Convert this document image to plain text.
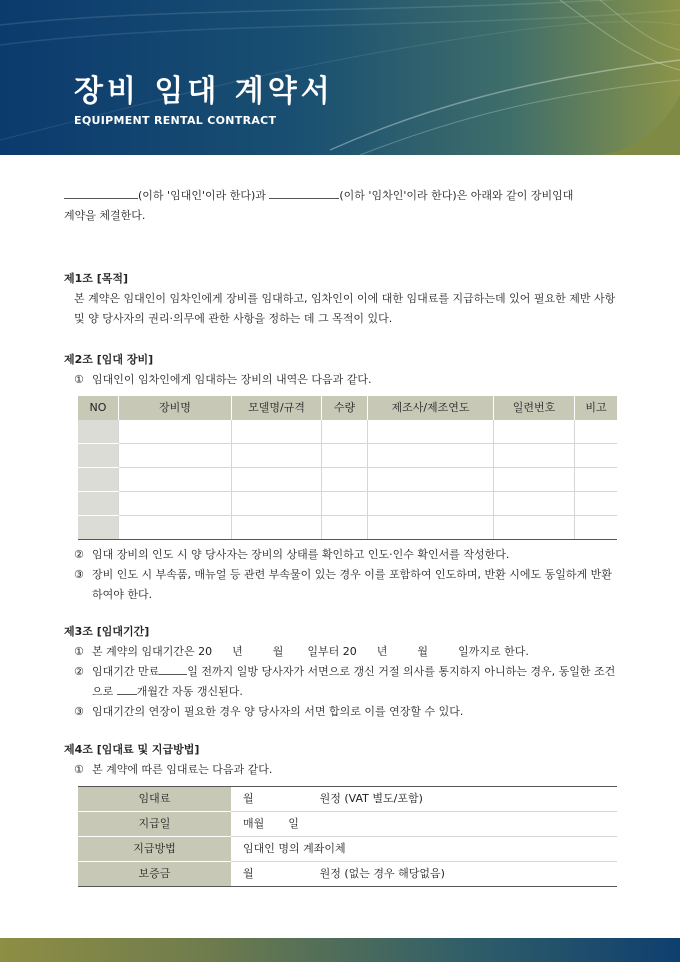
장비 임대 계약서
EQUIPMENT RENTAL CONTRACT

(이하 '임대인'이라 한다)과	(이하 '임차인'이라 한다)은 아래와 같이 장비임대
계약을 체결한다.

제1조 [목적]

본 계약은 임대인이 임차인에게 장비를 임대하고, 임차인이 이에 대한 임대료를 지급하는데 있어 필요한 제반 사항 및 양 당사자의 권리·의무에 관한 사항을 정하는 데 그 목적이 있다.

제2조 [임대 장비]

① 임대인이 임차인에게 임대하는 장비의 내역은 다음과 같다.
NO	장비명	모델명/규격	수량	제조사/제조연도	일련번호	비고

② 임대 장비의 인도 시 양 당사자는 장비의 상태를 확인하고 인도·인수 확인서를 작성한다.
③ 장비 인도 시 부속품, 매뉴얼 등 관련 부속물이 있는 경우 이를 포함하여 인도하며, 반환 시에도 동일하게 반환하여야 한다.

제3조 [임대기간]

① 본 계약의 임대기간은 20 년	월 일부터 20 년	월	일까지로 한다.
② 임대기간 만료	일 전까지 일방 당사자가 서면으로 갱신 거절 의사를 통지하지 아니하는 경우, 동일한 조건으로 개월간 자동 갱신된다.
③ 임대기간의 연장이 필요한 경우 양 당사자의 서면 합의로 이를 연장할 수 있다.

제4조 [임대료 및 지급방법]

① 본 계약에 따른 임대료는 다음과 같다.
임대료	월 원정 (VAT 별도/포함)
지급일	매월 일
지급방법	임대인 명의 계좌이체
보증금	월 원정 (없는 경우 해당없음)
